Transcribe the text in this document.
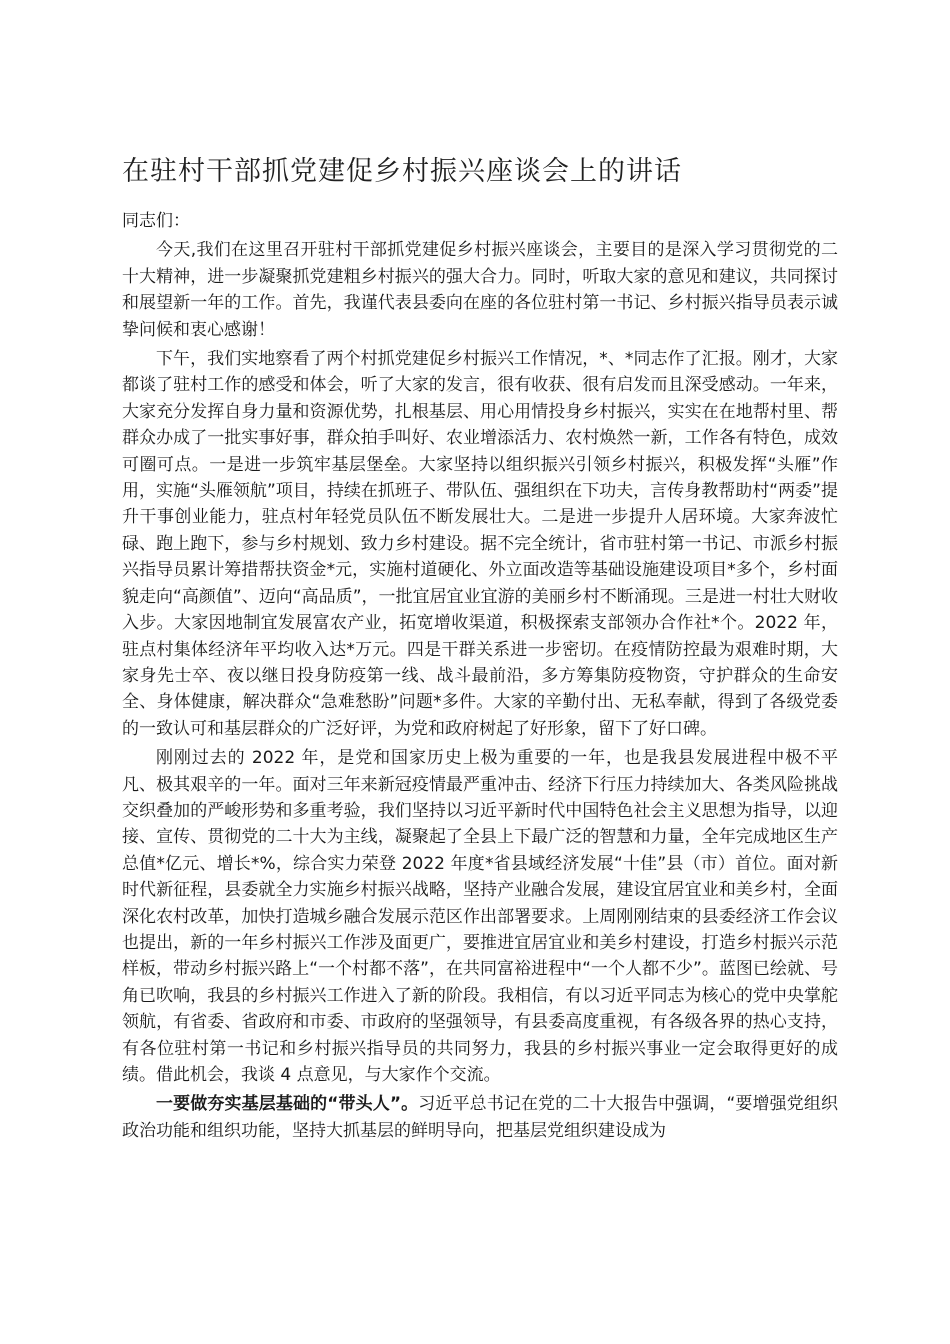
在驻村干部抓党建促乡村振兴座谈会上的讲话

同志们：

今天,我们在这里召开驻村干部抓党建促乡村振兴座谈会，主要目的是深入学习贯彻党的二十大精神，进一步凝聚抓党建粗乡村振兴的强大合力。同时，听取大家的意见和建议，共同探讨和展望新一年的工作。首先，我谨代表县委向在座的各位驻村第一书记、乡村振兴指导员表示诚挚问候和衷心感谢！

下午，我们实地察看了两个村抓党建促乡村振兴工作情况，*、*同志作了汇报。刚才，大家都谈了驻村工作的感受和体会，听了大家的发言，很有收获、很有启发而且深受感动。一年来，大家充分发挥自身力量和资源优势，扎根基层、用心用情投身乡村振兴，实实在在地帮村里、帮群众办成了一批实事好事，群众拍手叫好、农业增添活力、农村焕然一新，工作各有特色，成效可圈可点。一是进一步筑牢基层堡垒。大家坚持以组织振兴引领乡村振兴，积极发挥“头雁”作用，实施“头雁领航”项目，持续在抓班子、带队伍、强组织在下功夫，言传身教帮助村“两委”提升干事创业能力，驻点村年轻党员队伍不断发展壮大。二是进一步提升人居环境。大家奔波忙碌、跑上跑下，参与乡村规划、致力乡村建设。据不完全统计，省市驻村第一书记、市派乡村振兴指导员累计筹措帮扶资金*元，实施村道硬化、外立面改造等基础设施建设项目*多个，乡村面貌走向“高颜值”、迈向“高品质”，一批宜居宜业宜游的美丽乡村不断涌现。三是进一村壮大财收入步。大家因地制宜发展富农产业，拓宽增收渠道，积极探索支部领办合作社*个。2022 年，驻点村集体经济年平均收入达*万元。四是干群关系进一步密切。在疫情防控最为艰难时期，大家身先士卒、夜以继日投身防疫第一线、战斗最前沿，多方筹集防疫物资，守护群众的生命安全、身体健康，解决群众“急难愁盼”问题*多件。大家的辛勤付出、无私奉献，得到了各级党委的一致认可和基层群众的广泛好评，为党和政府树起了好形象，留下了好口碑。

刚刚过去的 2022 年，是党和国家历史上极为重要的一年，也是我县发展进程中极不平凡、极其艰辛的一年。面对三年来新冠疫情最严重冲击、经济下行压力持续加大、各类风险挑战交织叠加的严峻形势和多重考验，我们坚持以习近平新时代中国特色社会主义思想为指导，以迎接、宣传、贯彻党的二十大为主线，凝聚起了全县上下最广泛的智慧和力量，全年完成地区生产总值*亿元、增长*%，综合实力荣登 2022 年度*省县域经济发展“十佳”县（市）首位。面对新时代新征程，县委就全力实施乡村振兴战略，坚持产业融合发展，建设宜居宜业和美乡村，全面深化农村改革，加快打造城乡融合发展示范区作出部署要求。上周刚刚结束的县委经济工作会议也提出，新的一年乡村振兴工作涉及面更广，要推进宜居宜业和美乡村建设，打造乡村振兴示范样板，带动乡村振兴路上“一个村都不落”，在共同富裕进程中“一个人都不少”。蓝图已绘就、号角已吹响，我县的乡村振兴工作进入了新的阶段。我相信，有以习近平同志为核心的党中央掌舵领航，有省委、省政府和市委、市政府的坚强领导，有县委高度重视，有各级各界的热心支持，有各位驻村第一书记和乡村振兴指导员的共同努力，我县的乡村振兴事业一定会取得更好的成绩。借此机会，我谈 4 点意见，与大家作个交流。

一要做夯实基层基础的“带头人”。习近平总书记在党的二十大报告中强调，“要增强党组织政治功能和组织功能，坚持大抓基层的鲜明导向，把基层党组织建设成为
